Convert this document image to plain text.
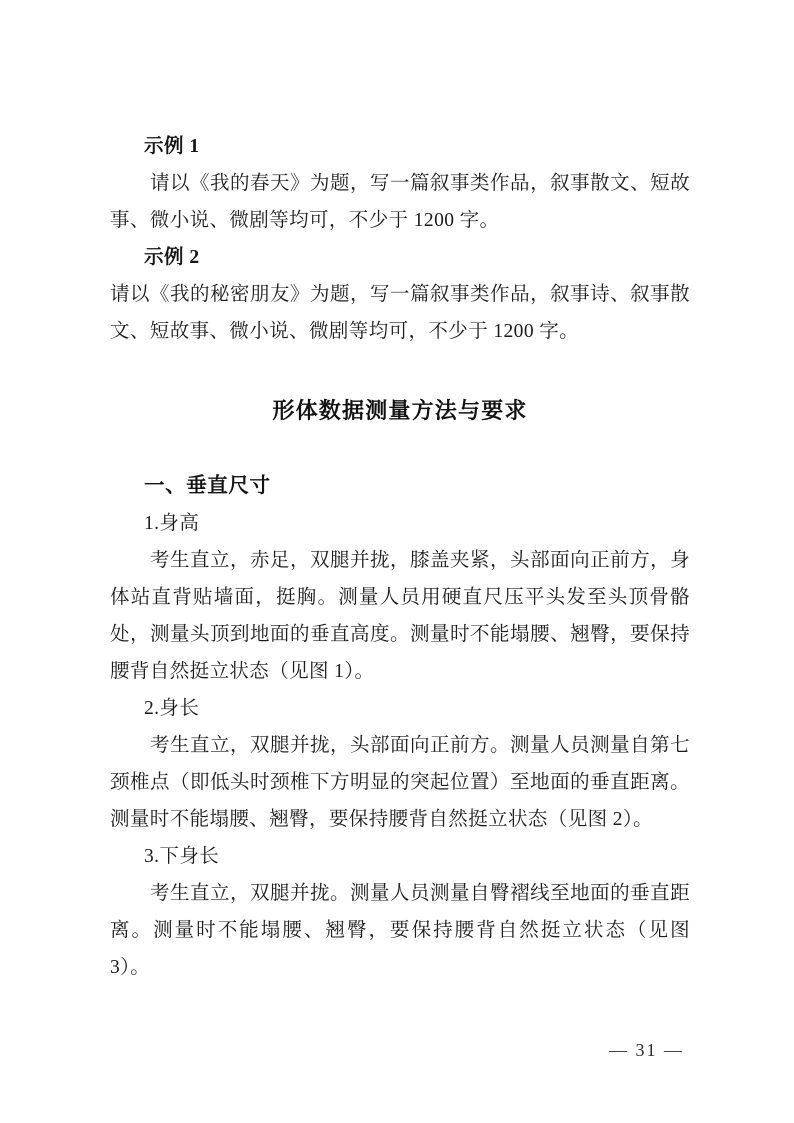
示例 1

请以《我的春天》为题，写一篇叙事类作品，叙事散文、短故事、微小说、微剧等均可，不少于 1200 字。

示例 2

请以《我的秘密朋友》为题，写一篇叙事类作品，叙事诗、叙事散文、短故事、微小说、微剧等均可，不少于 1200 字。

形体数据测量方法与要求
一、垂直尺寸

1.身高

考生直立，赤足，双腿并拢，膝盖夹紧，头部面向正前方，身体站直背贴墙面，挺胸。测量人员用硬直尺压平头发至头顶骨骼处，测量头顶到地面的垂直高度。测量时不能塌腰、翘臀，要保持腰背自然挺立状态（见图 1）。

2.身长

考生直立，双腿并拢，头部面向正前方。测量人员测量自第七颈椎点（即低头时颈椎下方明显的突起位置）至地面的垂直距离。测量时不能塌腰、翘臀，要保持腰背自然挺立状态（见图 2）。

3.下身长

考生直立，双腿并拢。测量人员测量自臀褶线至地面的垂直距离。测量时不能塌腰、翘臀，要保持腰背自然挺立状态（见图 3）。

— 31 —
